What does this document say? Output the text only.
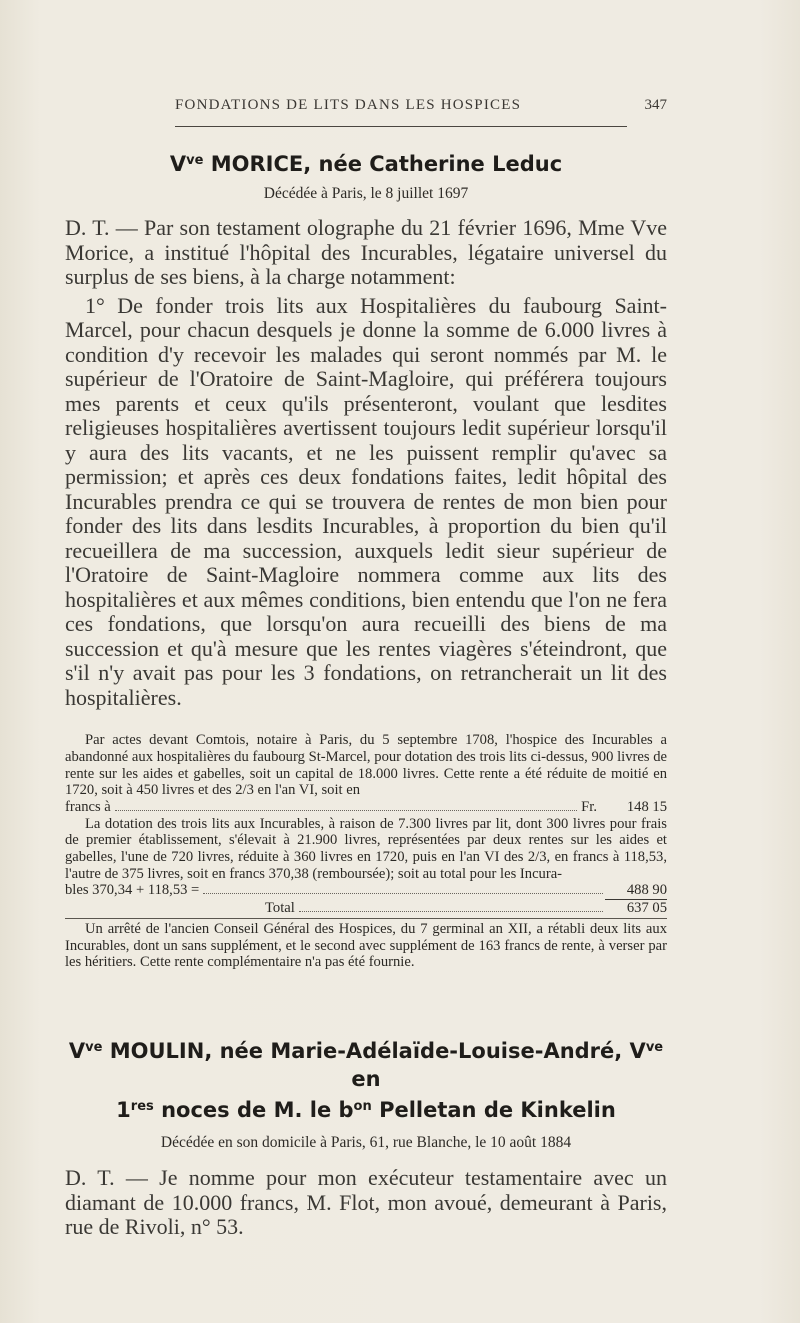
FONDATIONS DE LITS DANS LES HOSPICES	347
$V^{ve}$ MORICE, née Catherine Leduc
Décédée à Paris, le 8 juillet 1697

D. T. — Par son testament olographe du 21 février 1696, Mme Vve Morice, a institué l'hôpital des Incurables, légataire universel du surplus de ses biens, à la charge notamment:

1° De fonder trois lits aux Hospitalières du faubourg Saint-Marcel, pour chacun desquels je donne la somme de 6.000 livres à condition d'y recevoir les malades qui seront nommés par M. le supérieur de l'Oratoire de Saint-Magloire, qui préférera toujours mes parents et ceux qu'ils présenteront, voulant que lesdites religieuses hospitalières avertissent toujours ledit supérieur lorsqu'il y aura des lits vacants, et ne les puissent remplir qu'avec sa permission; et après ces deux fondations faites, ledit hôpital des Incurables prendra ce qui se trouvera de rentes de mon bien pour fonder des lits dans lesdits Incurables, à proportion du bien qu'il recueillera de ma succession, auxquels ledit sieur supérieur de l'Oratoire de Saint-Magloire nommera comme aux lits des hospitalières et aux mêmes conditions, bien entendu que l'on ne fera ces fondations, que lorsqu'on aura recueilli des biens de ma succession et qu'à mesure que les rentes viagères s'éteindront, que s'il n'y avait pas pour les 3 fondations, on retrancherait un lit des hospitalières.

Par actes devant Comtois, notaire à Paris, du 5 septembre 1708, l'hospice des Incurables a abandonné aux hospitalières du faubourg St-Marcel, pour dotation des trois lits ci-dessus, 900 livres de rente sur les aides et gabelles, soit un capital de 18.000 livres. Cette rente a été réduite de moitié en 1720, soit à 450 livres et des 2/3 en l'an VI, soit en

francs à	Fr.	148 15

La dotation des trois lits aux Incurables, à raison de 7.300 livres par lit, dont 300 livres pour frais de premier établissement, s'élevait à 21.900 livres, représentées par deux rentes sur les aides et gabelles, l'une de 720 livres, réduite à 360 livres en 1720, puis en l'an VI des 2/3, en francs à 118,53, l'autre de 375 livres, soit en francs 370,38 (remboursée); soit au total pour les Incura-

bles 370,34 + 118,53 =	488 90
Total	637 05

Un arrêté de l'ancien Conseil Général des Hospices, du 7 germinal an XII, a rétabli deux lits aux Incurables, dont un sans supplément, et le second avec supplément de 163 francs de rente, à verser par les héritiers. Cette rente complémentaire n'a pas été fournie.

$V^{ve}$ MOULIN, née Marie-Adélaïde-Louise-André, $V^{ve}$ en
1res noces de M. le $b^{on}$ Pelletan de Kinkelin
Décédée en son domicile à Paris, 61, rue Blanche, le 10 août 1884

D. T. — Je nomme pour mon exécuteur testamentaire avec un diamant de 10.000 francs, M. Flot, mon avoué, demeurant à Paris, rue de Rivoli, n° 53.
